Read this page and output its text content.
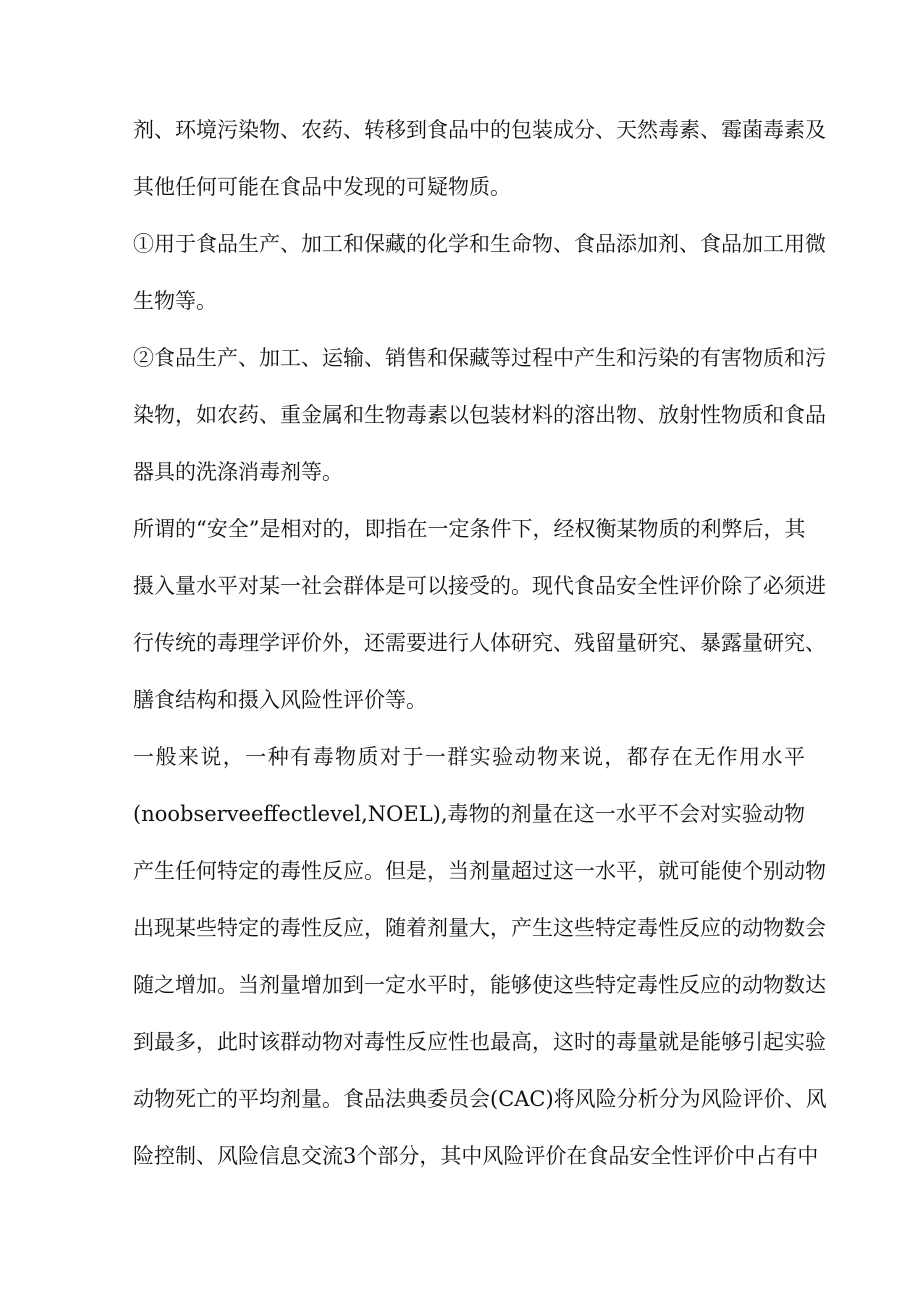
剂、环境污染物、农药、转移到食品中的包装成分、天然毒素、霉菌毒素及
其他任何可能在食品中发现的可疑物质。
①用于食品生产、加工和保藏的化学和生命物、食品添加剂、食品加工用微
生物等。
②食品生产、加工、运输、销售和保藏等过程中产生和污染的有害物质和污
染物，如农药、重金属和生物毒素以包装材料的溶出物、放射性物质和食品
器具的洗涤消毒剂等。
所谓的“安全”是相对的，即指在一定条件下，经权衡某物质的利弊后，其
摄入量水平对某一社会群体是可以接受的。现代食品安全性评价除了必须进
行传统的毒理学评价外，还需要进行人体研究、残留量研究、暴露量研究、
膳食结构和摄入风险性评价等。
一般来说，一种有毒物质对于一群实验动物来说，都存在无作用水平
(noobserveeffectlevel,NOEL),毒物的剂量在这一水平不会对实验动物
产生任何特定的毒性反应。但是，当剂量超过这一水平，就可能使个别动物
出现某些特定的毒性反应，随着剂量大，产生这些特定毒性反应的动物数会
随之增加。当剂量增加到一定水平时，能够使这些特定毒性反应的动物数达
到最多，此时该群动物对毒性反应性也最高，这时的毒量就是能够引起实验
动物死亡的平均剂量。食品法典委员会(CAC)将风险分析分为风险评价、风
险控制、风险信息交流3个部分，其中风险评价在食品安全性评价中占有中
